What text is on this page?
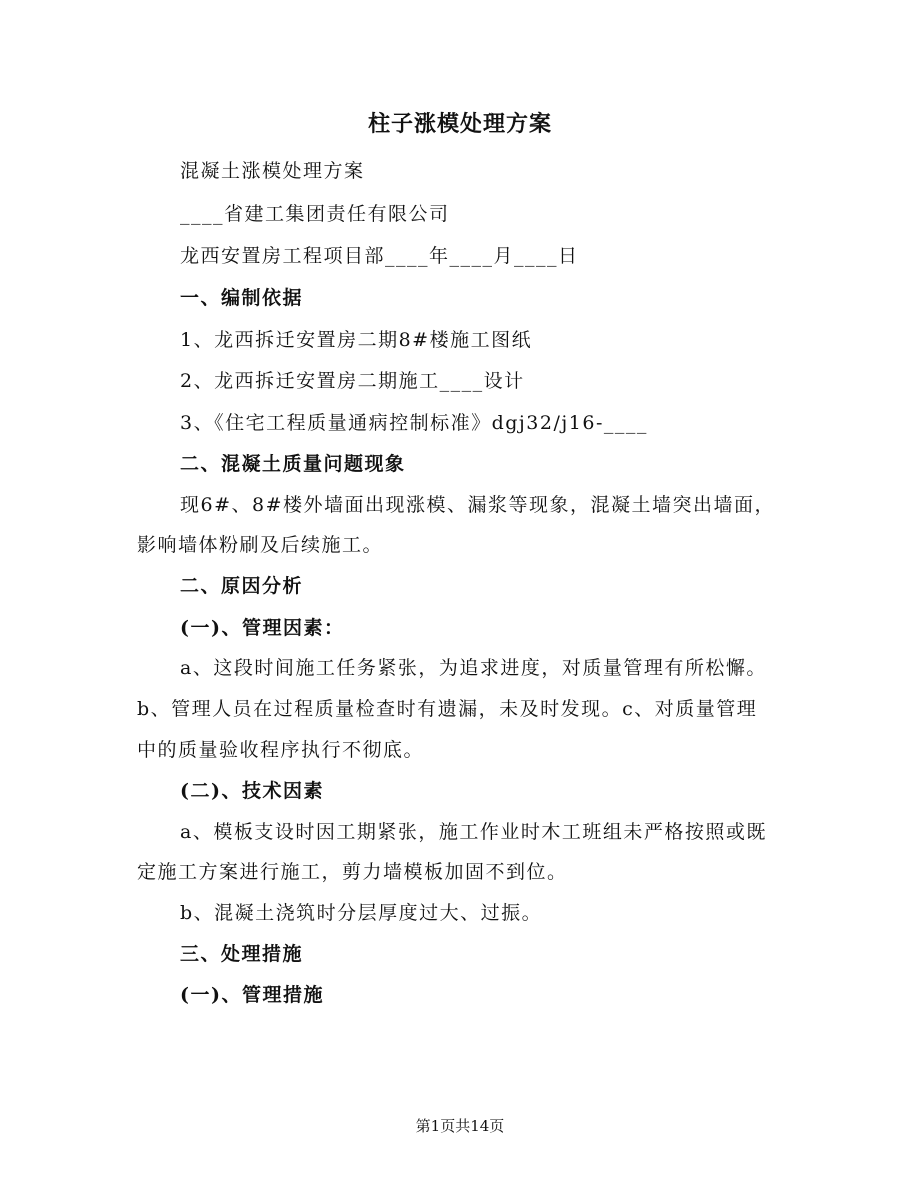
柱子涨模处理方案
混凝土涨模处理方案
____省建工集团责任有限公司
龙西安置房工程项目部____年____月____日
一、编制依据
1、龙西拆迁安置房二期8#楼施工图纸
2、龙西拆迁安置房二期施工____设计
3、《住宅工程质量通病控制标准》dgj32/j16-____
二、混凝土质量问题现象
现6#、8#楼外墙面出现涨模、漏浆等现象，混凝土墙突出墙面，
影响墙体粉刷及后续施工。
二、原因分析
(一)、管理因素：
a、这段时间施工任务紧张，为追求进度，对质量管理有所松懈。
b、管理人员在过程质量检查时有遗漏，未及时发现。c、对质量管理
中的质量验收程序执行不彻底。
(二)、技术因素
a、模板支设时因工期紧张，施工作业时木工班组未严格按照或既
定施工方案进行施工，剪力墙模板加固不到位。
b、混凝土浇筑时分层厚度过大、过振。
三、处理措施
(一)、管理措施
第1页共14页
